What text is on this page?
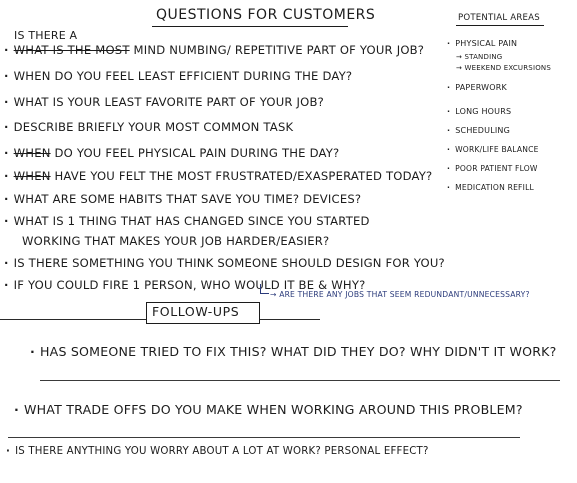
QUESTIONS FOR CUSTOMERS
IS THERE A
· WHAT IS THE MOST MIND NUMBING/ REPETITIVE PART OF YOUR JOB?
· WHEN DO YOU FEEL LEAST EFFICIENT DURING THE DAY?
· WHAT IS YOUR LEAST FAVORITE PART OF YOUR JOB?
· DESCRIBE BRIEFLY YOUR MOST COMMON TASK
· WHEN DO YOU FEEL PHYSICAL PAIN DURING THE DAY?
· WHEN HAVE YOU FELT THE MOST FRUSTRATED/EXASPERATED TODAY?
· WHAT ARE SOME HABITS THAT SAVE YOU TIME? DEVICES?
· WHAT IS 1 THING THAT HAS CHANGED SINCE YOU STARTED
WORKING THAT MAKES YOUR JOB HARDER/EASIER?
· IS THERE SOMETHING YOU THINK SOMEONE SHOULD DESIGN FOR YOU?
· IF YOU COULD FIRE 1 PERSON, WHO WOULD IT BE & WHY?
→ ARE THERE ANY JOBS THAT SEEM REDUNDANT/UNNECESSARY?
FOLLOW-UPS
· HAS SOMEONE TRIED TO FIX THIS? WHAT DID THEY DO? WHY DIDN'T IT WORK?
· WHAT TRADE OFFS DO YOU MAKE WHEN WORKING AROUND THIS PROBLEM?
· IS THERE ANYTHING YOU WORRY ABOUT A LOT AT WORK? PERSONAL EFFECT?
POTENTIAL AREAS
· PHYSICAL PAIN
→ STANDING
→ WEEKEND EXCURSIONS
· PAPERWORK
· LONG HOURS
· SCHEDULING
· WORK/LIFE BALANCE
· POOR PATIENT FLOW
· MEDICATION REFILL
